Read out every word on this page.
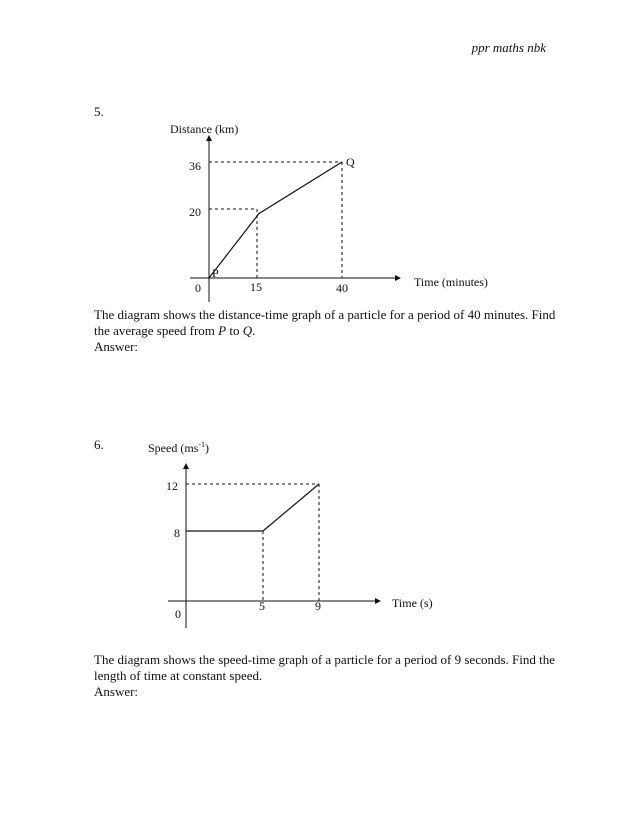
ppr maths nbk
5.
Distance (km)
36
20
0	15	40	Time (minutes)
P
Q
Speed $(ms^{-1})$
12
8
0
5	9	Time (s)
The diagram shows the distance-time graph of a particle for a period of 40 minutes. Find the average speed from P to Q.
Answer:
6.
The diagram shows the speed-time graph of a particle for a period of 9 seconds. Find the length of time at constant speed.
Answer:
